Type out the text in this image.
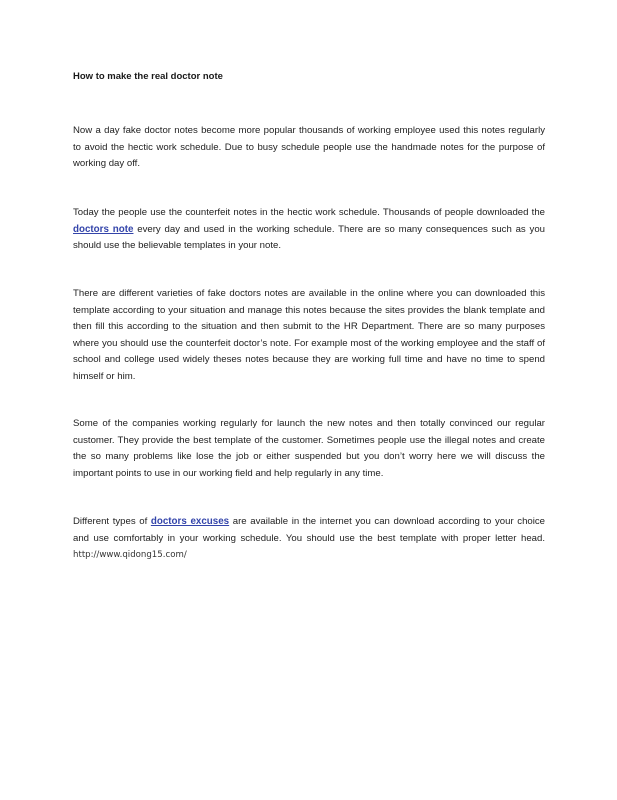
How to make the real doctor note

Now a day fake doctor notes become more popular thousands of working employee used this notes regularly to avoid the hectic work schedule. Due to busy schedule people use the handmade notes for the purpose of working day off.

Today the people use the counterfeit notes in the hectic work schedule. Thousands of people downloaded the doctors note every day and used in the working schedule. There are so many consequences such as you should use the believable templates in your note.

There are different varieties of fake doctors notes are available in the online where you can downloaded this template according to your situation and manage this notes because the sites provides the blank template and then fill this according to the situation and then submit to the HR Department. There are so many purposes where you should use the counterfeit doctor’s note. For example most of the working employee and the staff of school and college used widely theses notes because they are working full time and have no time to spend himself or him.

Some of the companies working regularly for launch the new notes and then totally convinced our regular customer. They provide the best template of the customer. Sometimes people use the illegal notes and create the so many problems like lose the job or either suspended but you don’t worry here we will discuss the important points to use in our working field and help regularly in any time.

Different types of doctors excuses are available in the internet you can download according to your choice and use comfortably in your working schedule. You should use the best template with proper letter head. http://www.qidong15.com/
